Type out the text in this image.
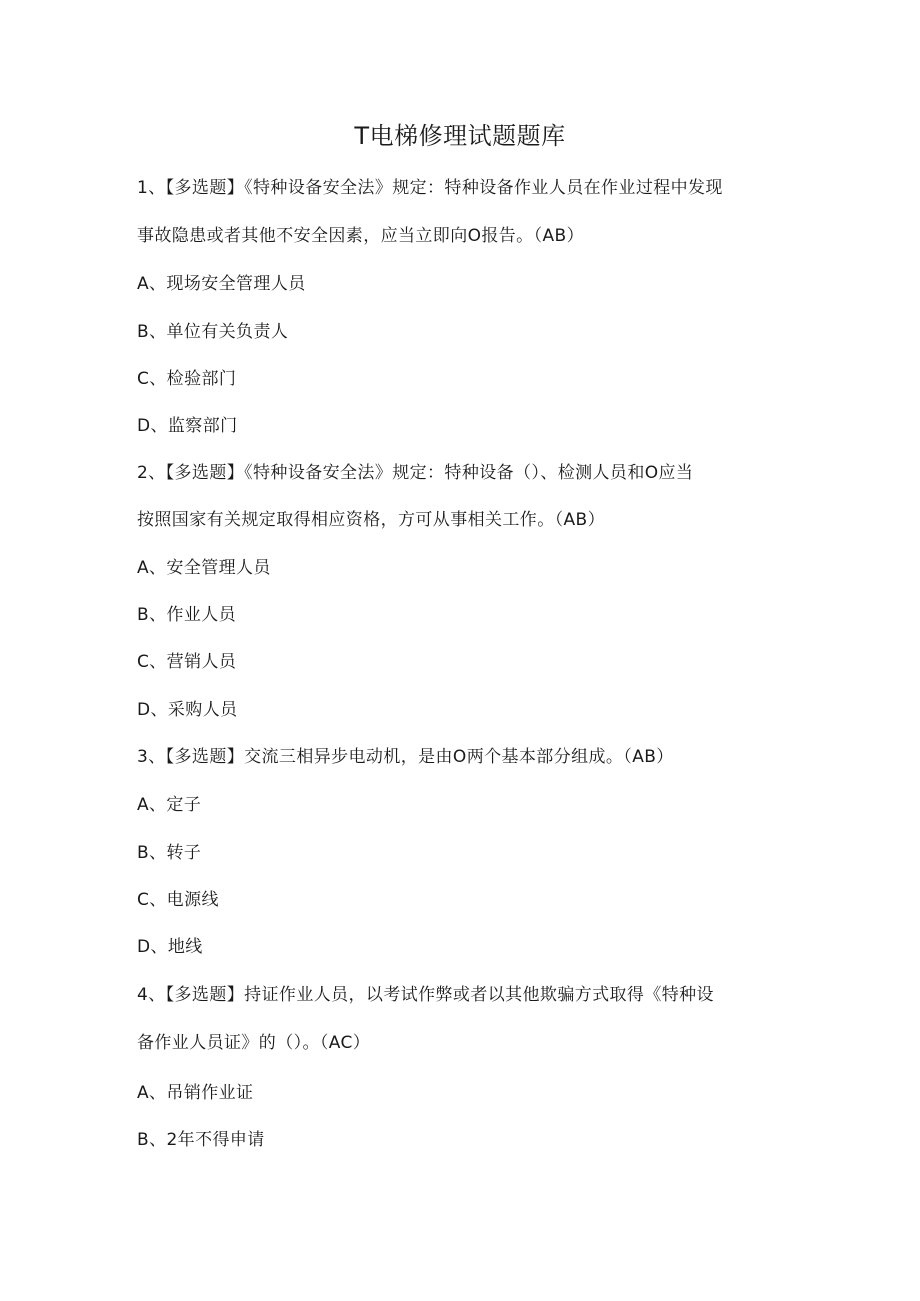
T电梯修理试题题库
1、【多选题】《特种设备安全法》规定：特种设备作业人员在作业过程中发现
事故隐患或者其他不安全因素，应当立即向O报告。（AB）
A、现场安全管理人员
B、单位有关负责人
C、检验部门
D、监察部门
2、【多选题】《特种设备安全法》规定：特种设备（）、检测人员和O应当
按照国家有关规定取得相应资格，方可从事相关工作。（AB）
A、安全管理人员
B、作业人员
C、营销人员
D、采购人员
3、【多选题】交流三相异步电动机，是由O两个基本部分组成。（AB）
A、定子
B、转子
C、电源线
D、地线
4、【多选题】持证作业人员，以考试作弊或者以其他欺骗方式取得《特种设
备作业人员证》的（）。（AC）
A、吊销作业证
B、2年不得申请
